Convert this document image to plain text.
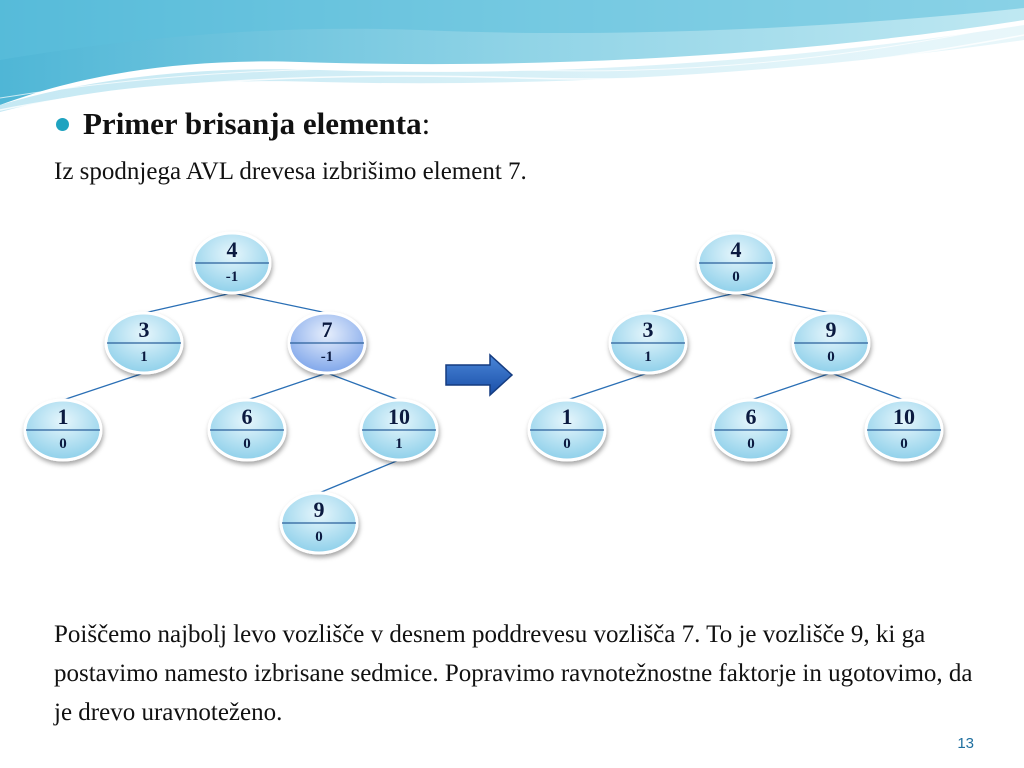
Primer brisanja elementa :
Iz spodnjega AVL drevesa izbrišimo element 7.
4
-1
3
1
7
-1
1
0
6
0
10
1
9
0
4
0
3
1
9
0
1
0
6
0
10
0
Poiščemo najbolj levo vozlišče v desnem poddrevesu vozlišča 7. To je vozlišče 9, ki ga postavimo namesto izbrisane sedmice. Popravimo ravnotežnostne faktorje in ugotovimo, da je drevo uravnoteženo.
13
